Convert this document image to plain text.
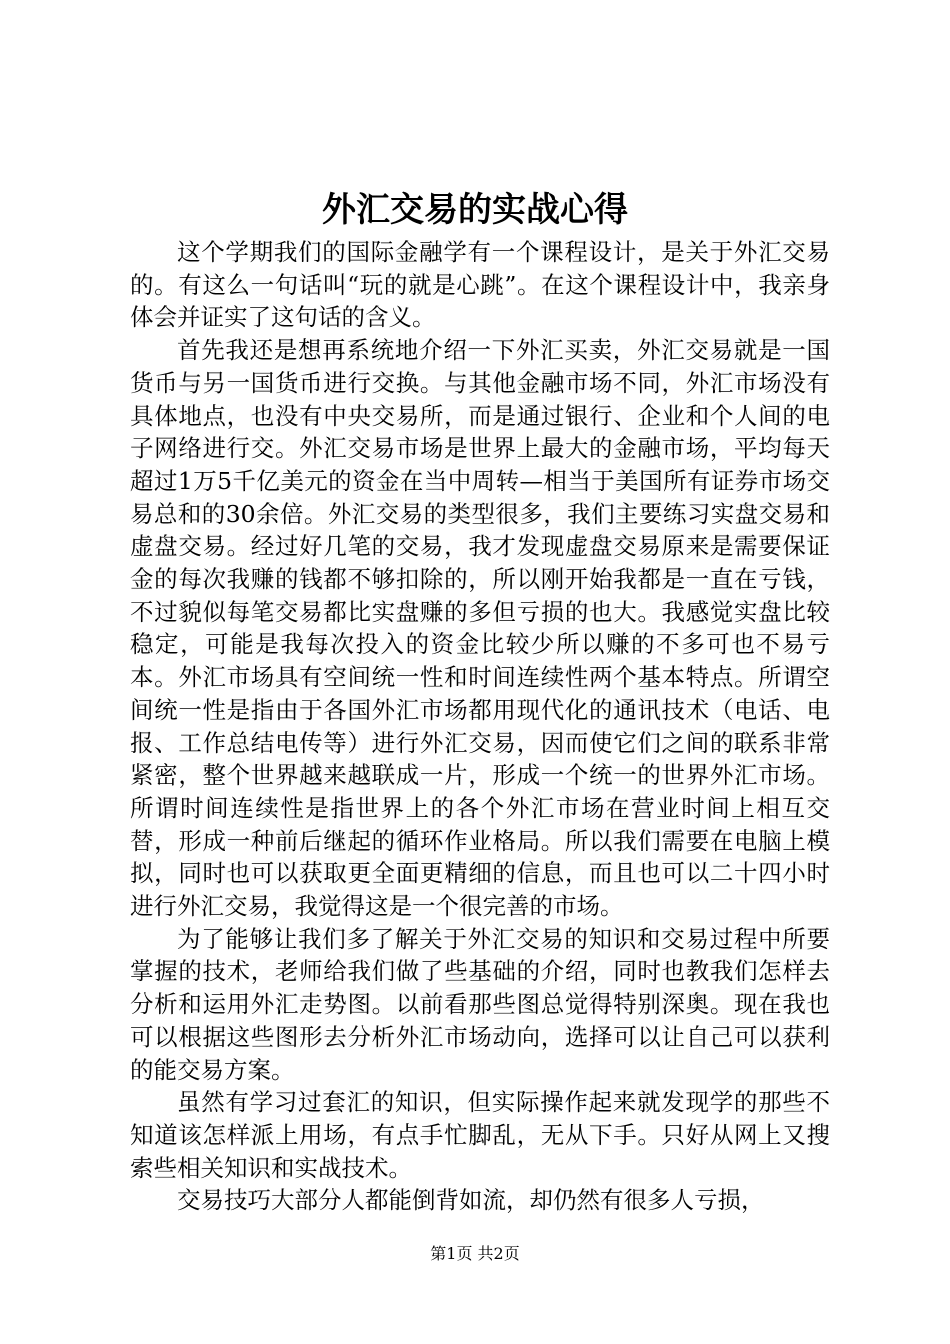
外汇交易的实战心得

这个学期我们的国际金融学有一个课程设计，是关于外汇交易的。有这么一句话叫“玩的就是心跳”。在这个课程设计中，我亲身体会并证实了这句话的含义。

首先我还是想再系统地介绍一下外汇买卖，外汇交易就是一国货币与另一国货币进行交换。与其他金融市场不同，外汇市场没有具体地点，也没有中央交易所，而是通过银行、企业和个人间的电子网络进行交。外汇交易市场是世界上最大的金融市场，平均每天超过1万5千亿美元的资金在当中周转—相当于美国所有证券市场交易总和的30余倍。外汇交易的类型很多，我们主要练习实盘交易和虚盘交易。经过好几笔的交易，我才发现虚盘交易原来是需要保证金的每次我赚的钱都不够扣除的，所以刚开始我都是一直在亏钱，不过貌似每笔交易都比实盘赚的多但亏损的也大。我感觉实盘比较稳定，可能是我每次投入的资金比较少所以赚的不多可也不易亏本。外汇市场具有空间统一性和时间连续性两个基本特点。所谓空间统一性是指由于各国外汇市场都用现代化的通讯技术（电话、电报、工作总结电传等）进行外汇交易，因而使它们之间的联系非常紧密，整个世界越来越联成一片，形成一个统一的世界外汇市场。所谓时间连续性是指世界上的各个外汇市场在营业时间上相互交替，形成一种前后继起的循环作业格局。所以我们需要在电脑上模拟，同时也可以获取更全面更精细的信息，而且也可以二十四小时进行外汇交易，我觉得这是一个很完善的市场。

为了能够让我们多了解关于外汇交易的知识和交易过程中所要掌握的技术，老师给我们做了些基础的介绍，同时也教我们怎样去分析和运用外汇走势图。以前看那些图总觉得特别深奥。现在我也可以根据这些图形去分析外汇市场动向，选择可以让自己可以获利的能交易方案。

虽然有学习过套汇的知识，但实际操作起来就发现学的那些不知道该怎样派上用场，有点手忙脚乱，无从下手。只好从网上又搜索些相关知识和实战技术。

交易技巧大部分人都能倒背如流，却仍然有很多人亏损，

第1页 共2页
